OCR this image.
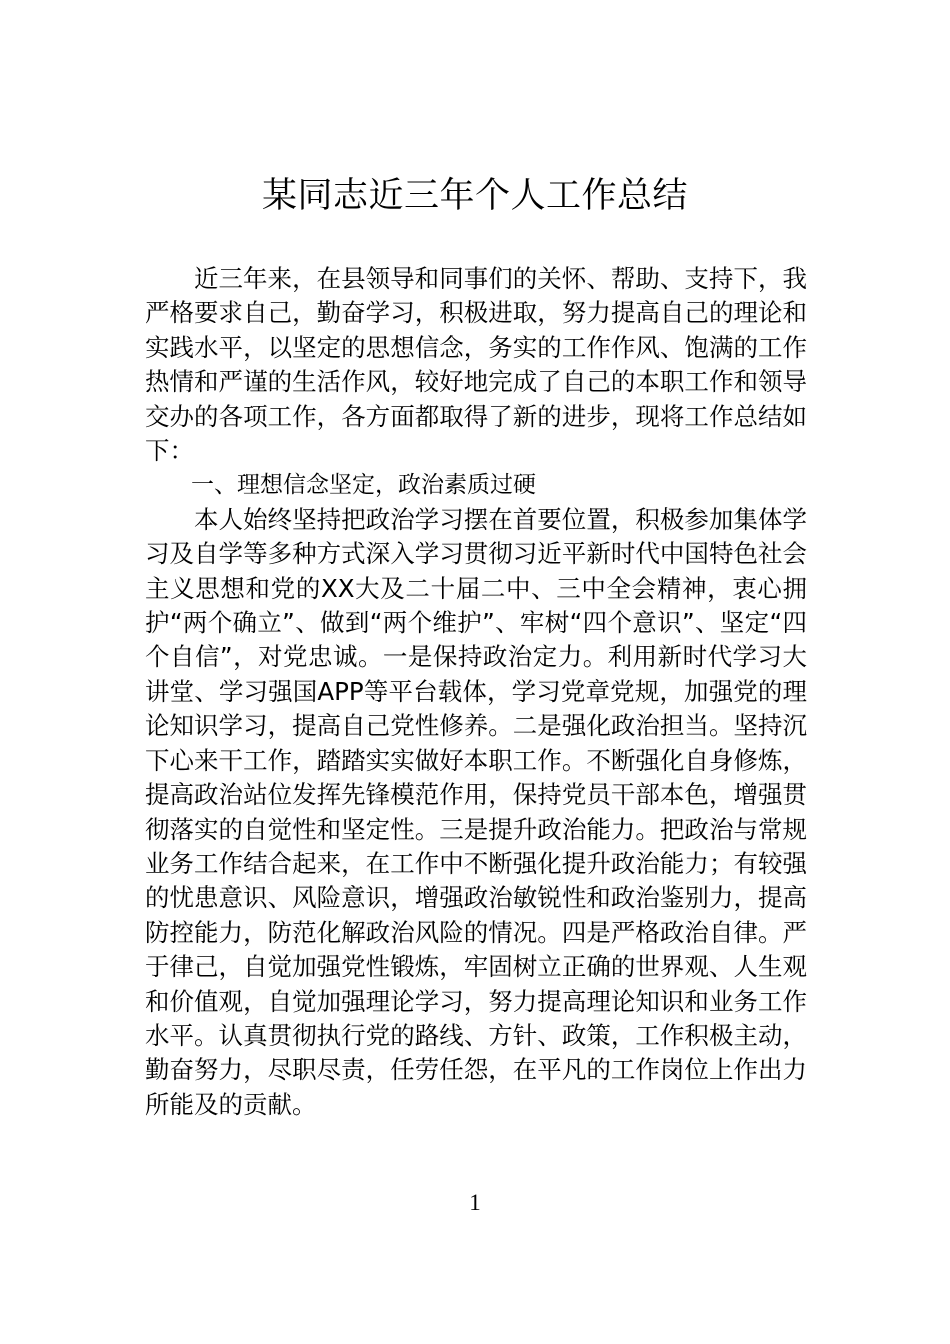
某同志近三年个人工作总结

近三年来，在县领导和同事们的关怀、帮助、支持下，我严格要求自己，勤奋学习，积极进取，努力提高自己的理论和实践水平，以坚定的思想信念，务实的工作作风、饱满的工作热情和严谨的生活作风，较好地完成了自己的本职工作和领导交办的各项工作，各方面都取得了新的进步，现将工作总结如下：

一、理想信念坚定，政治素质过硬

本人始终坚持把政治学习摆在首要位置，积极参加集体学习及自学等多种方式深入学习贯彻习近平新时代中国特色社会主义思想和党的XX大及二十届二中、三中全会精神，衷心拥护“两个确立”、做到“两个维护”、牢树“四个意识”、坚定“四个自信”，对党忠诚。一是保持政治定力。利用新时代学习大讲堂、学习强国APP等平台载体，学习党章党规，加强党的理论知识学习，提高自己党性修养。二是强化政治担当。坚持沉下心来干工作，踏踏实实做好本职工作。不断强化自身修炼，提高政治站位发挥先锋模范作用，保持党员干部本色，增强贯彻落实的自觉性和坚定性。三是提升政治能力。把政治与常规业务工作结合起来，在工作中不断强化提升政治能力；有较强的忧患意识、风险意识，增强政治敏锐性和政治鉴别力，提高防控能力，防范化解政治风险的情况。四是严格政治自律。严于律己，自觉加强党性锻炼，牢固树立正确的世界观、人生观和价值观，自觉加强理论学习，努力提高理论知识和业务工作水平。认真贯彻执行党的路线、方针、政策，工作积极主动，勤奋努力，尽职尽责，任劳任怨，在平凡的工作岗位上作出力所能及的贡献。

1
